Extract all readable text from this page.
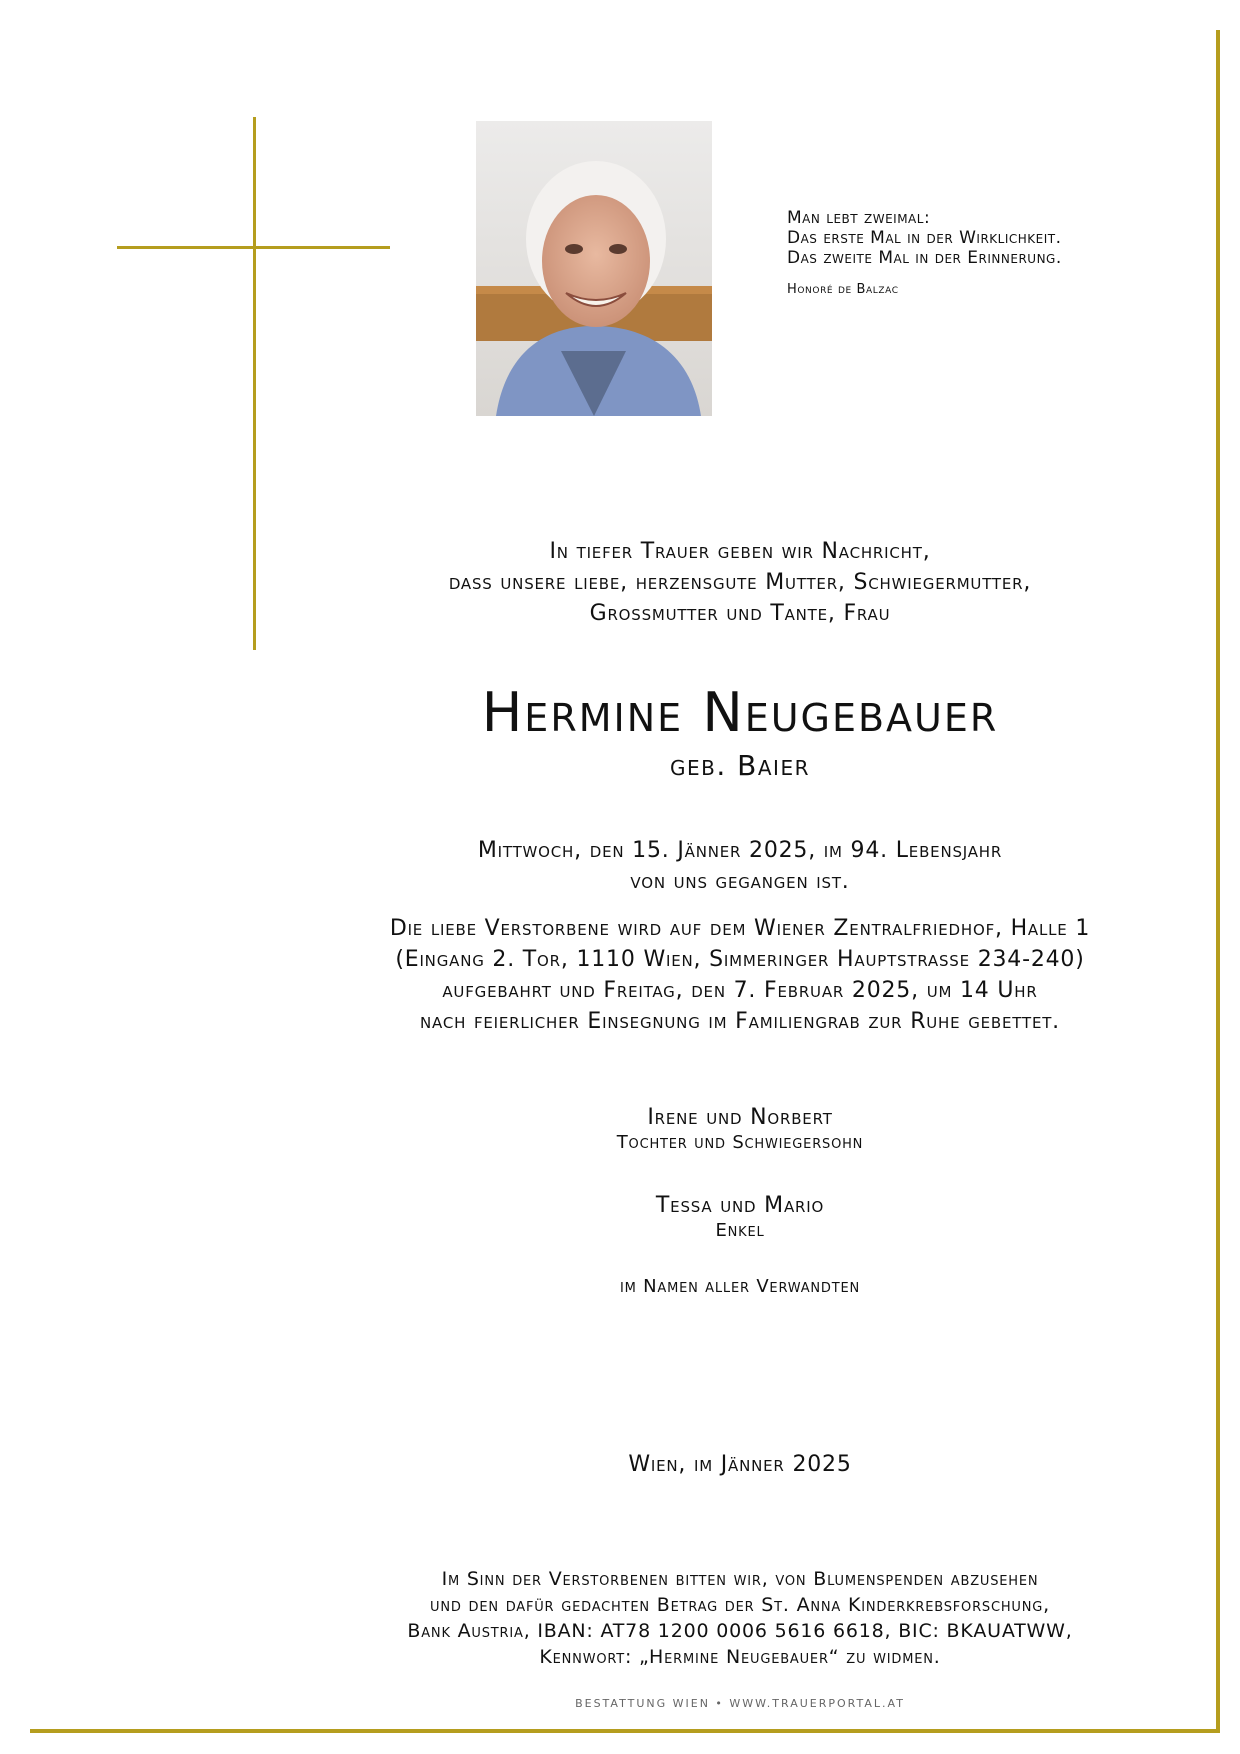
Man lebt zweimal:
Das erste Mal in der Wirklichkeit.
Das zweite Mal in der Erinnerung.
Honoré de Balzac
In tiefer Trauer geben wir Nachricht,
dass unsere liebe, herzensgute Mutter, Schwiegermutter,
Grossmutter und Tante, Frau
Hermine Neugebauer
geb. Baier
Mittwoch, den 15. Jänner 2025, im 94. Lebensjahr
von uns gegangen ist.
Die liebe Verstorbene wird auf dem Wiener Zentralfriedhof, Halle 1
(Eingang 2. Tor, 1110 Wien, Simmeringer Hauptstrasse 234-240)
aufgebahrt und Freitag, den 7. Februar 2025, um 14 Uhr
nach feierlicher Einsegnung im Familiengrab zur Ruhe gebettet.
Irene und Norbert
Tochter und Schwiegersohn
Tessa und Mario
Enkel
im Namen aller Verwandten
Wien, im Jänner 2025
Im Sinn der Verstorbenen bitten wir, von Blumenspenden abzusehen
und den dafür gedachten Betrag der St. Anna Kinderkrebsforschung,
Bank Austria, IBAN: AT78 1200 0006 5616 6618, BIC: BKAUATWW,
Kennwort: „Hermine Neugebauer“ zu widmen.
BESTATTUNG WIEN • WWW.TRAUERPORTAL.AT
